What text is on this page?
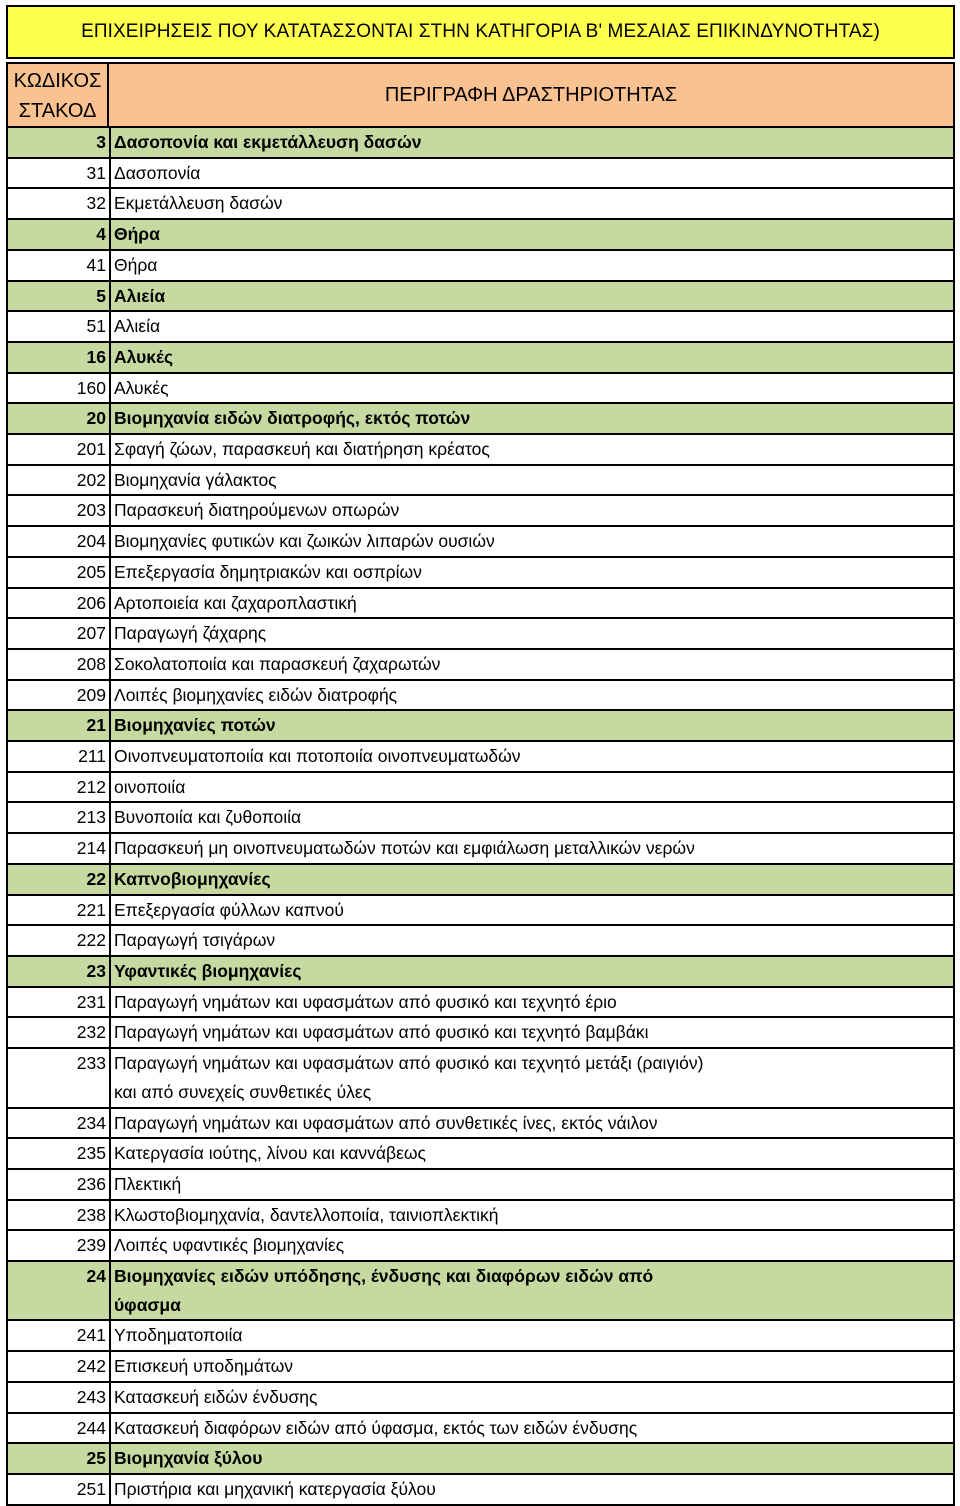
ΕΠΙΧΕΙΡΗΣΕΙΣ ΠΟΥ ΚΑΤΑΤΑΣΣΟΝΤΑΙ ΣΤΗΝ ΚΑΤΗΓΟΡΙΑ Β' ΜΕΣΑΙΑΣ ΕΠΙΚΙΝΔΥΝΟΤΗΤΑΣ)
ΚΩΔΙΚΟΣ
ΣΤΑΚΟΔ
ΠΕΡΙΓΡΑΦΗ ΔΡΑΣΤΗΡΙΟΤΗΤΑΣ
3 Δασοπονία και εκμετάλλευση δασών
31 Δασοπονία
32 Εκμετάλλευση δασών
4 Θήρα
41 Θήρα
5 Αλιεία
51 Αλιεία
16 Αλυκές
160 Αλυκές
20 Βιομηχανία ειδών διατροφής, εκτός ποτών
201 Σφαγή ζώων, παρασκευή και διατήρηση κρέατος
202 Βιομηχανία γάλακτος
203 Παρασκευή διατηρούμενων οπωρών
204 Βιομηχανίες φυτικών και ζωικών λιπαρών ουσιών
205 Επεξεργασία δημητριακών και οσπρίων
206 Αρτοποιεία και ζαχαροπλαστική
207 Παραγωγή ζάχαρης
208 Σοκολατοποιία και παρασκευή ζαχαρωτών
209 Λοιπές βιομηχανίες ειδών διατροφής
21 Βιομηχανίες ποτών
211 Οινοπνευματοποιία και ποτοποιία οινοπνευματωδών
212 οινοποιία
213 Βυνοποιία και ζυθοποιία
214 Παρασκευή μη οινοπνευματωδών ποτών και εμφιάλωση μεταλλικών νερών
22 Καπνοβιομηχανίες
221 Επεξεργασία φύλλων καπνού
222 Παραγωγή τσιγάρων
23 Υφαντικές βιομηχανίες
231 Παραγωγή νημάτων και υφασμάτων από φυσικό και τεχνητό έριο
232 Παραγωγή νημάτων και υφασμάτων από φυσικό και τεχνητό βαμβάκι
233 Παραγωγή νημάτων και υφασμάτων από φυσικό και τεχνητό μετάξι (ραιγιόν)
και από συνεχείς συνθετικές ύλες
234 Παραγωγή νημάτων και υφασμάτων από συνθετικές ίνες, εκτός νάιλον
235 Κατεργασία ιούτης, λίνου και κανvάβεως
236 Πλεκτική
238 Κλωστοβιομηχανία, δαντελλοποιία, ταινιοπλεκτική
239 Λοιπές υφαντικές βιομηχανίες
24 Βιομηχανίες ειδών υπόδησης, ένδυσης και διαφόρων ειδών από
ύφασμα
241 Υποδηματοποιία
242 Επισκευή υποδημάτων
243 Κατασκευή ειδών ένδυσης
244 Κατασκευή διαφόρων ειδών από ύφασμα, εκτός των ειδών ένδυσης
25 Βιομηχανία ξύλου
251 Πριστήρια και μηχανική κατεργασία ξύλου
